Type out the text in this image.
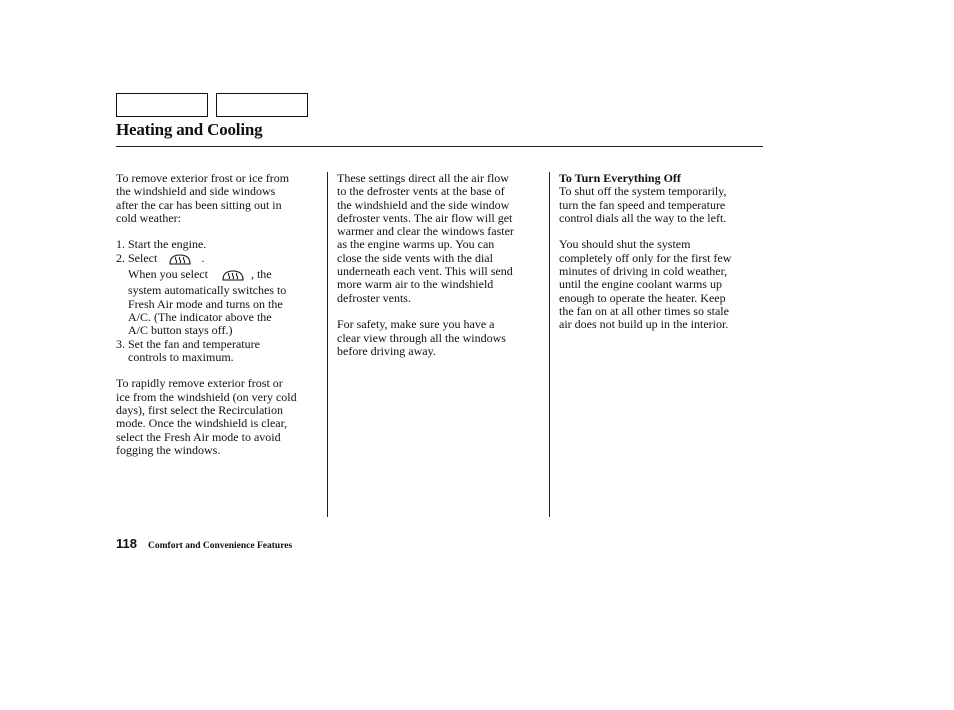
Heating and Cooling

To remove exterior frost or ice from

the windshield and side windows

after the car has been sitting out in

cold weather:

1. Start the engine.

2. Select	.

When you select	, the

system automatically switches to

Fresh Air mode and turns on the

A/C. (The indicator above the

A/C button stays off.)

3. Set the fan and temperature

controls to maximum.

To rapidly remove exterior frost or

ice from the windshield (on very cold

days), first select the Recirculation

mode. Once the windshield is clear,

select the Fresh Air mode to avoid

fogging the windows.

These settings direct all the air flow

to the defroster vents at the base of

the windshield and the side window

defroster vents. The air flow will get

warmer and clear the windows faster

as the engine warms up. You can

close the side vents with the dial

underneath each vent. This will send

more warm air to the windshield

defroster vents.

For safety, make sure you have a

clear view through all the windows

before driving away.

To Turn Everything Off

To shut off the system temporarily,

turn the fan speed and temperature

control dials all the way to the left.

You should shut the system

completely off only for the first few

minutes of driving in cold weather,

until the engine coolant warms up

enough to operate the heater. Keep

the fan on at all other times so stale

air does not build up in the interior.

118 Comfort and Convenience Features
